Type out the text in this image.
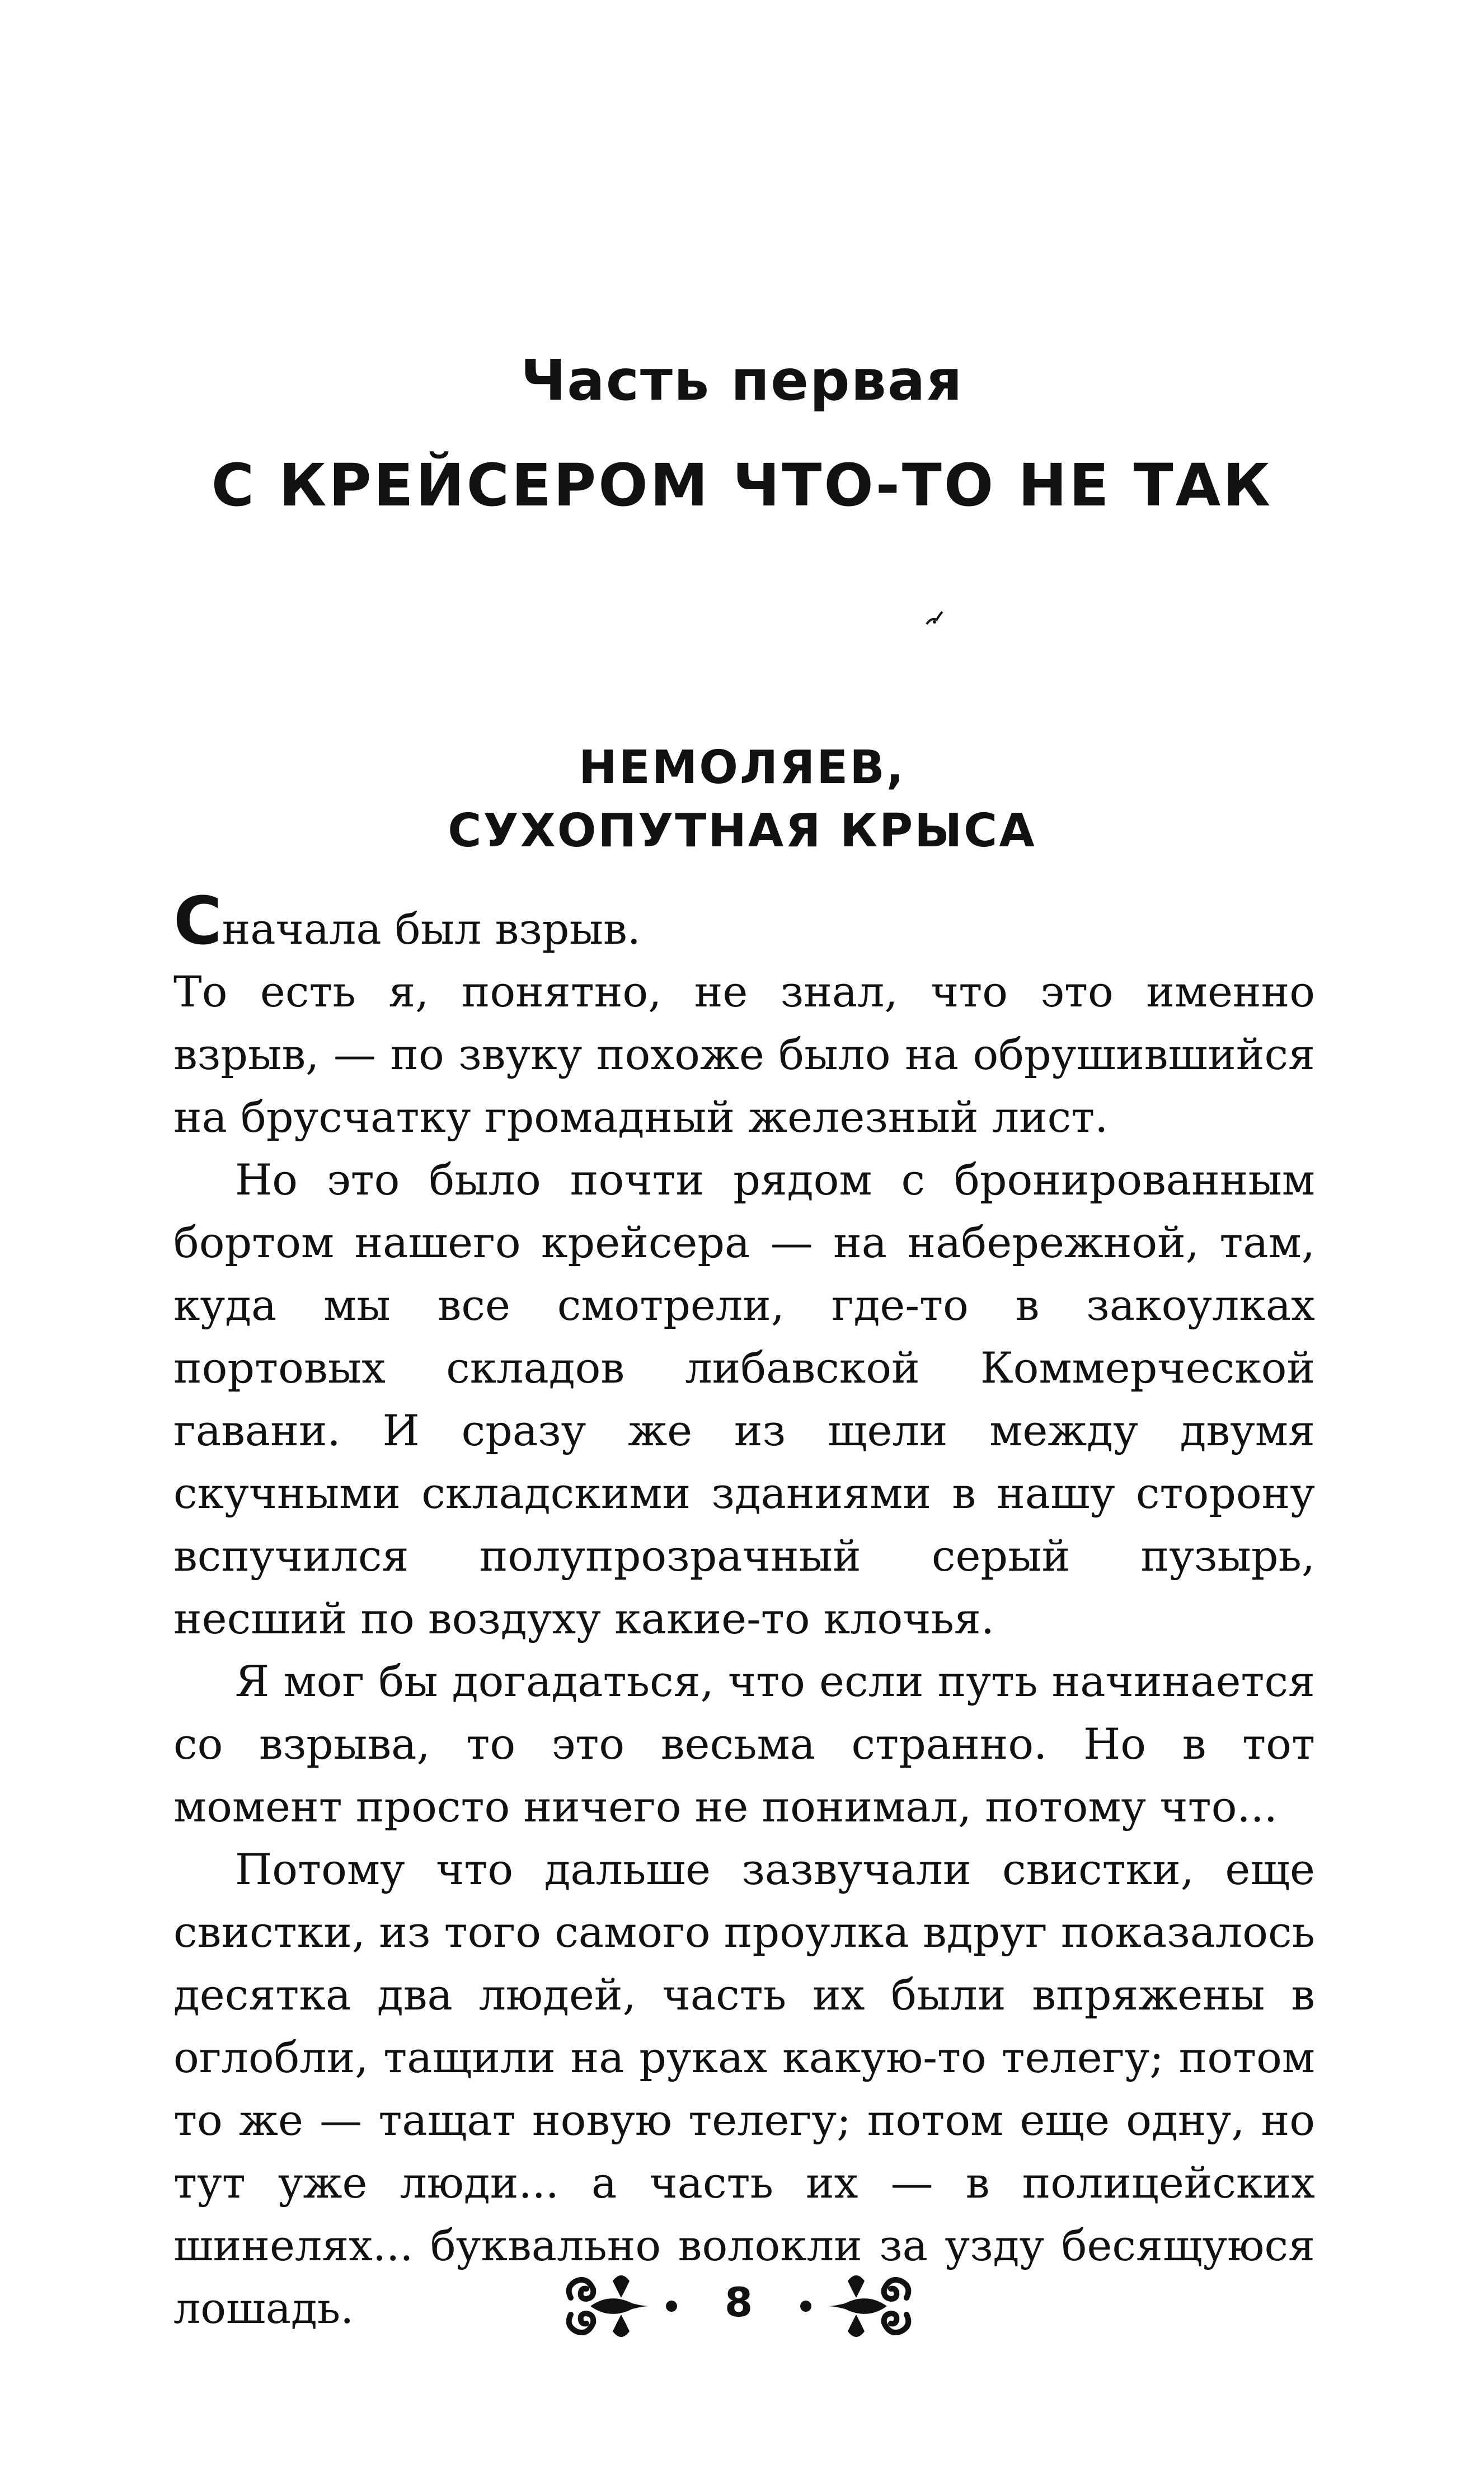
Часть первая
С КРЕЙСЕРОМ ЧТО-ТО НЕ ТАК
НЕМОЛЯЕВ,
СУХОПУТНАЯ КРЫСА

Сначала был взрыв.

То есть я, понятно, не знал, что это именно взрыв, — по звуку похоже было на обрушившийся на брусчатку громадный железный лист.

Но это было почти рядом с бронированным бортом нашего крейсера — на набережной, там, куда мы все смотрели, где-то в закоулках портовых складов либавской Коммерческой гавани. И сразу же из щели между двумя скучными складскими зданиями в нашу сторону вспучился полупрозрачный серый пузырь, несший по воздуху какие-то клочья.

Я мог бы догадаться, что если путь начинается со взрыва, то это весьма странно. Но в тот момент просто ничего не понимал, потому что...

Потому что дальше зазвучали свистки, еще свистки, из того самого проулка вдруг показалось десятка два людей, часть их были впряжены в оглобли, тащили на руках какую-то телегу; потом то же — тащат новую телегу; потом еще одну, но тут уже люди... а часть их — в полицейских шинелях... буквально волокли за узду бесящуюся лошадь.	8
